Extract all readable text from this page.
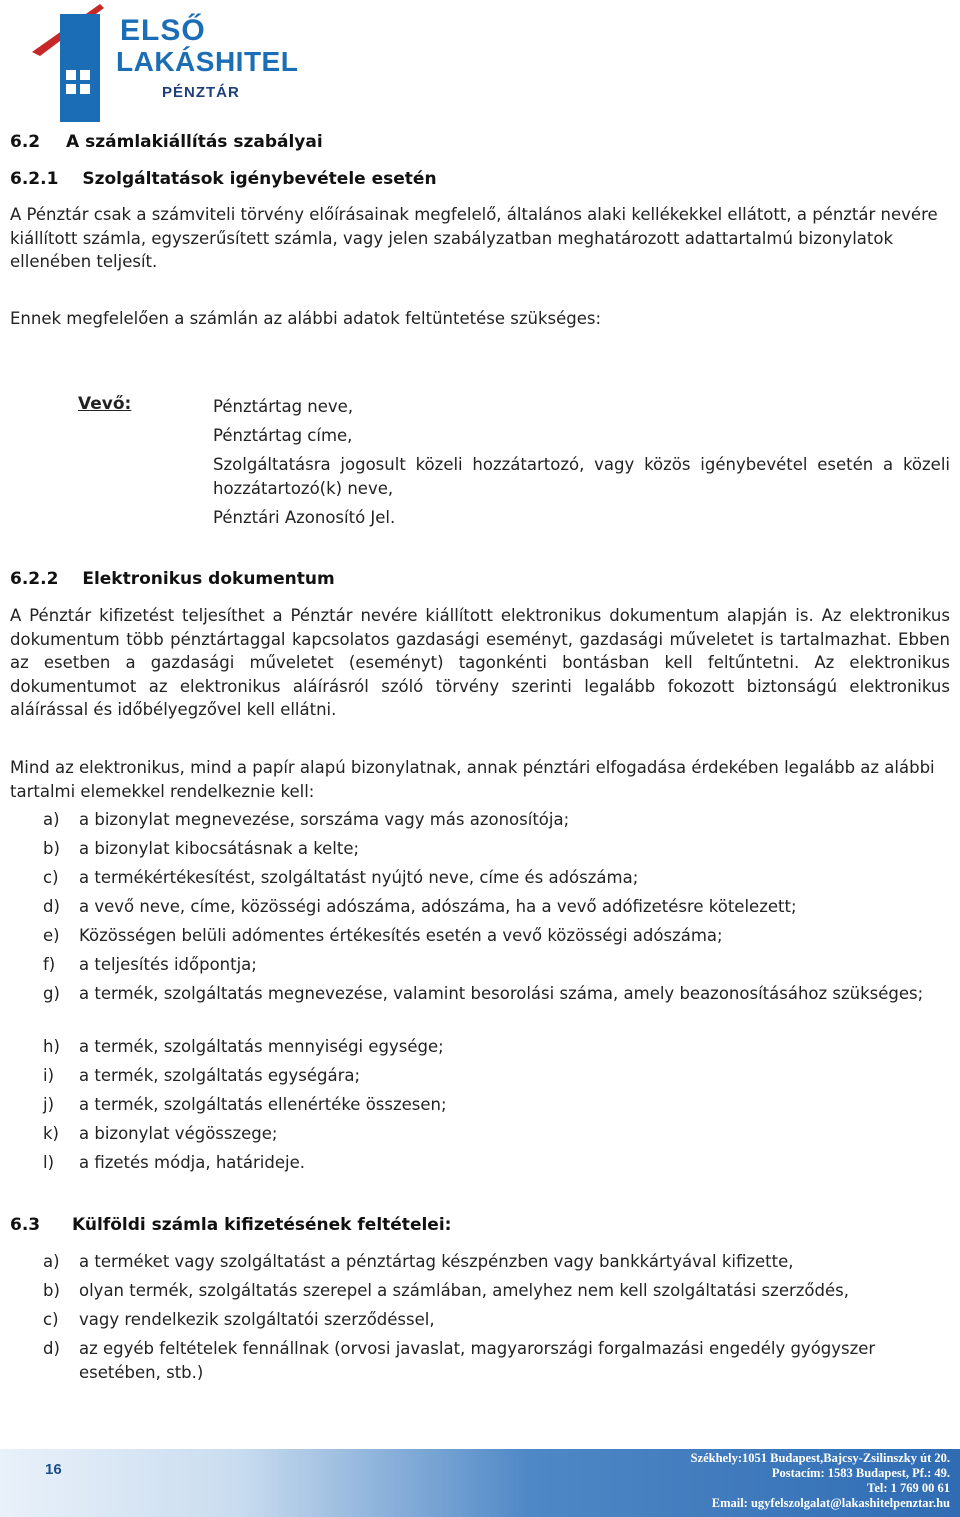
ELSŐ
LAKÁSHITEL
PÉNZTÁR
6.2 A számlakiállítás szabályai
6.2.1 Szolgáltatások igénybevétele esetén
A Pénztár csak a számviteli törvény előírásainak megfelelő, általános alaki kellékekkel ellátott, a pénztár nevére kiállított számla, egyszerűsített számla, vagy jelen szabályzatban meghatározott adattartalmú bizonylatok ellenében teljesít.
Ennek megfelelően a számlán az alábbi adatok feltüntetése szükséges:
Vevő:	Pénztártag neve,
Pénztártag címe,
Szolgáltatásra jogosult közeli hozzátartozó, vagy közös igénybevétel esetén a közeli hozzátartozó(k) neve,
Pénztári Azonosító Jel.
6.2.2 Elektronikus dokumentum
A Pénztár kifizetést teljesíthet a Pénztár nevére kiállított elektronikus dokumentum alapján is. Az elektronikus dokumentum több pénztártaggal kapcsolatos gazdasági eseményt, gazdasági műveletet is tartalmazhat. Ebben az esetben a gazdasági műveletet (eseményt) tagonkénti bontásban kell feltűntetni. Az elektronikus dokumentumot az elektronikus aláírásról szóló törvény szerinti legalább fokozott biztonságú elektronikus aláírással és időbélyegzővel kell ellátni.
Mind az elektronikus, mind a papír alapú bizonylatnak, annak pénztári elfogadása érdekében legalább az alábbi tartalmi elemekkel rendelkeznie kell:
a)	a bizonylat megnevezése, sorszáma vagy más azonosítója;
b)	a bizonylat kibocsátásnak a kelte;
c)	a termékértékesítést, szolgáltatást nyújtó neve, címe és adószáma;
d)	a vevő neve, címe, közösségi adószáma, adószáma, ha a vevő adófizetésre kötelezett;
e)	Közösségen belüli adómentes értékesítés esetén a vevő közösségi adószáma;
f)	a teljesítés időpontja;
g)	a termék, szolgáltatás megnevezése, valamint besorolási száma, amely beazonosításához szükséges;
h)	a termék, szolgáltatás mennyiségi egysége;
i)	a termék, szolgáltatás egységára;
j)	a termék, szolgáltatás ellenértéke összesen;
k)	a bizonylat végösszege;
l)	a fizetés módja, határideje.
6.3 Külföldi számla kifizetésének feltételei:
a)	a terméket vagy szolgáltatást a pénztártag készpénzben vagy bankkártyával kifizette,
b)	olyan termék, szolgáltatás szerepel a számlában, amelyhez nem kell szolgáltatási szerződés,
c)	vagy rendelkezik szolgáltatói szerződéssel,
d)	az egyéb feltételek fennállnak (orvosi javaslat, magyarországi forgalmazási engedély gyógyszer esetében, stb.)
16
Székhely:1051 Budapest,Bajcsy-Zsilinszky út 20.
Postacím: 1583 Budapest, Pf.: 49.
Tel: 1 769 00 61
Email: ugyfelszolgalat@lakashitelpenztar.hu
